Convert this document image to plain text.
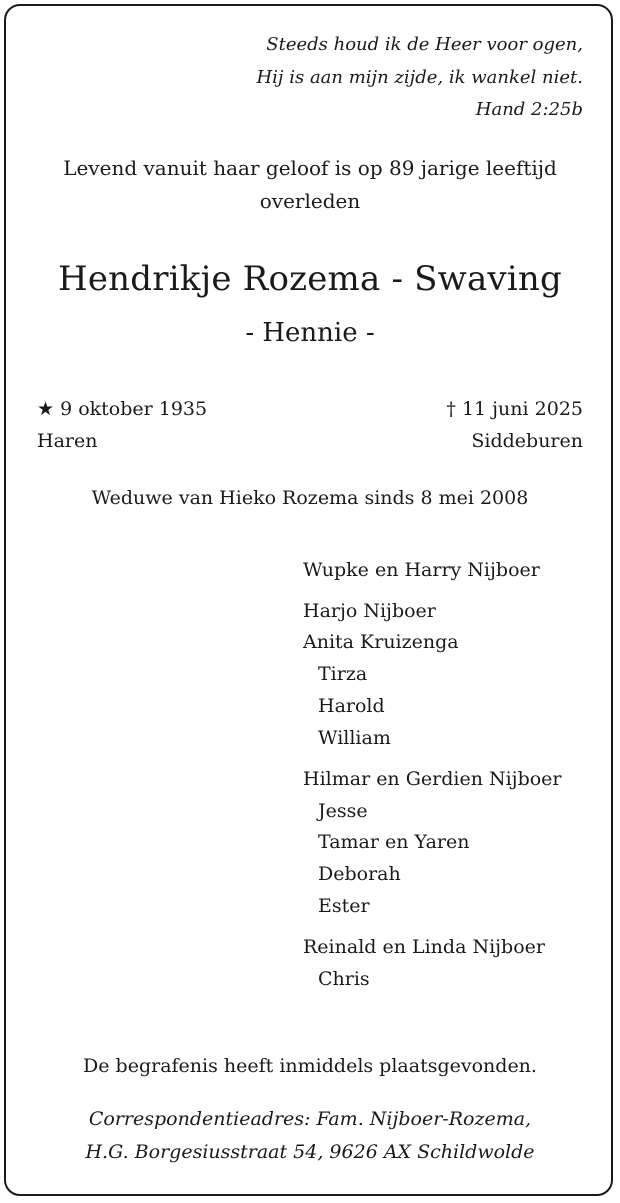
Steeds houd ik de Heer voor ogen,
Hij is aan mijn zijde, ik wankel niet.
Hand 2:25b
Levend vanuit haar geloof is op 89 jarige leeftijd
overleden
Hendrikje Rozema - Swaving
- Hennie -
★ 9 oktober 1935
Haren
† 11 juni 2025
Siddeburen
Weduwe van Hieko Rozema sinds 8 mei 2008
Wupke en Harry Nijboer
Harjo Nijboer
Anita Kruizenga
Tirza
Harold
William
Hilmar en Gerdien Nijboer
Jesse
Tamar en Yaren
Deborah
Ester
Reinald en Linda Nijboer
Chris
De begrafenis heeft inmiddels plaatsgevonden.
Correspondentieadres: Fam. Nijboer-Rozema,
H.G. Borgesiusstraat 54, 9626 AX Schildwolde
